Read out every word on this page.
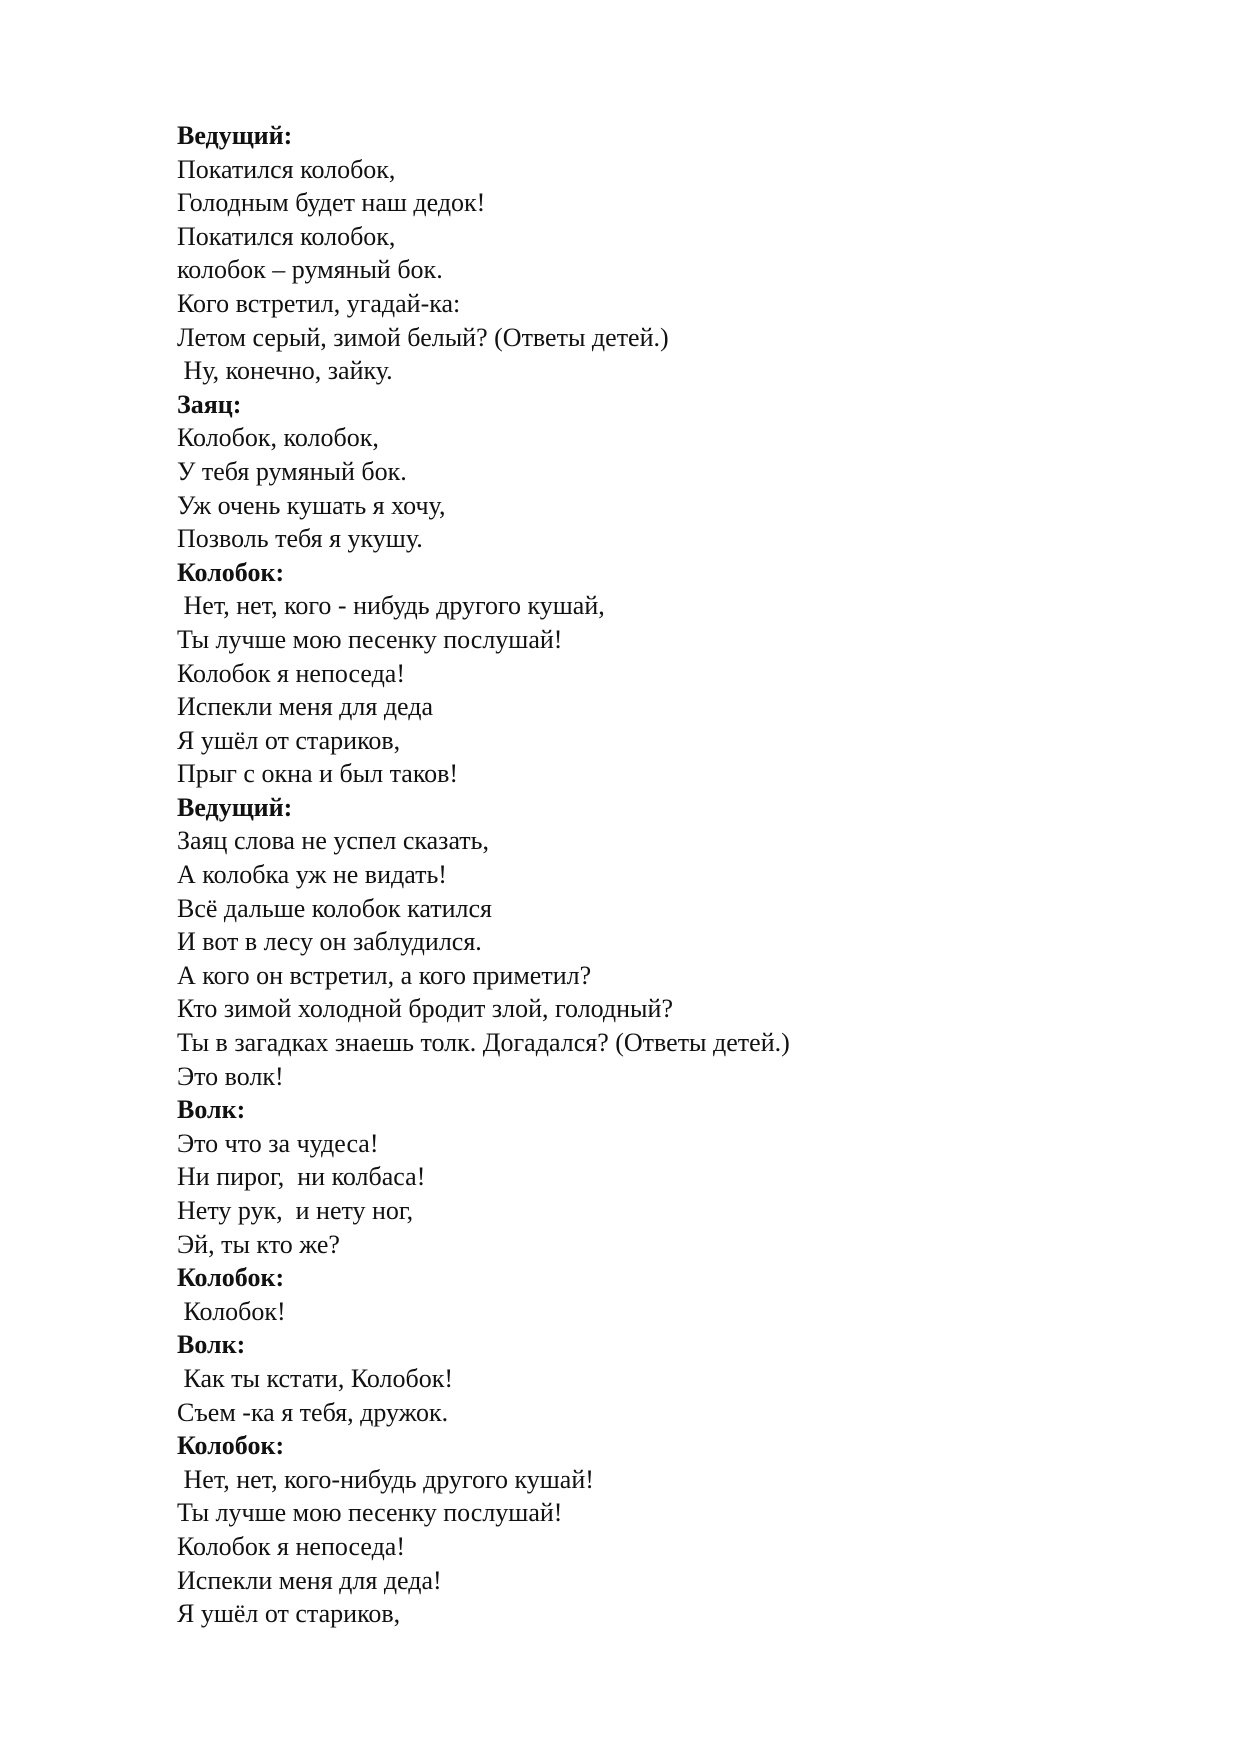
Ведущий:
Покатился колобок,
Голодным будет наш дедок!
Покатился колобок,
колобок – румяный бок.
Кого встретил, угадай-ка:
Летом серый, зимой белый? (Ответы детей.)
Ну, конечно, зайку.
Заяц:
Колобок, колобок,
У тебя румяный бок.
Уж очень кушать я хочу,
Позволь тебя я укушу.
Колобок:
Нет, нет, кого - нибудь другого кушай,
Ты лучше мою песенку послушай!
Колобок я непоседа!
Испекли меня для деда
Я ушёл от стариков,
Прыг с окна и был таков!
Ведущий:
Заяц слова не успел сказать,
А колобка уж не видать!
Всё дальше колобок катился
И вот в лесу он заблудился.
А кого он встретил, а кого приметил?
Кто зимой холодной бродит злой, голодный?
Ты в загадках знаешь толк. Догадался? (Ответы детей.)
Это волк!
Волк:
Это что за чудеса!
Ни пирог,  ни колбаса!
Нету рук,  и нету ног,
Эй, ты кто же?
Колобок:
Колобок!
Волк:
Как ты кстати, Колобок!
Съем -ка я тебя, дружок.
Колобок:
Нет, нет, кого-нибудь другого кушай!
Ты лучше мою песенку послушай!
Колобок я непоседа!
Испекли меня для деда!
Я ушёл от стариков,
